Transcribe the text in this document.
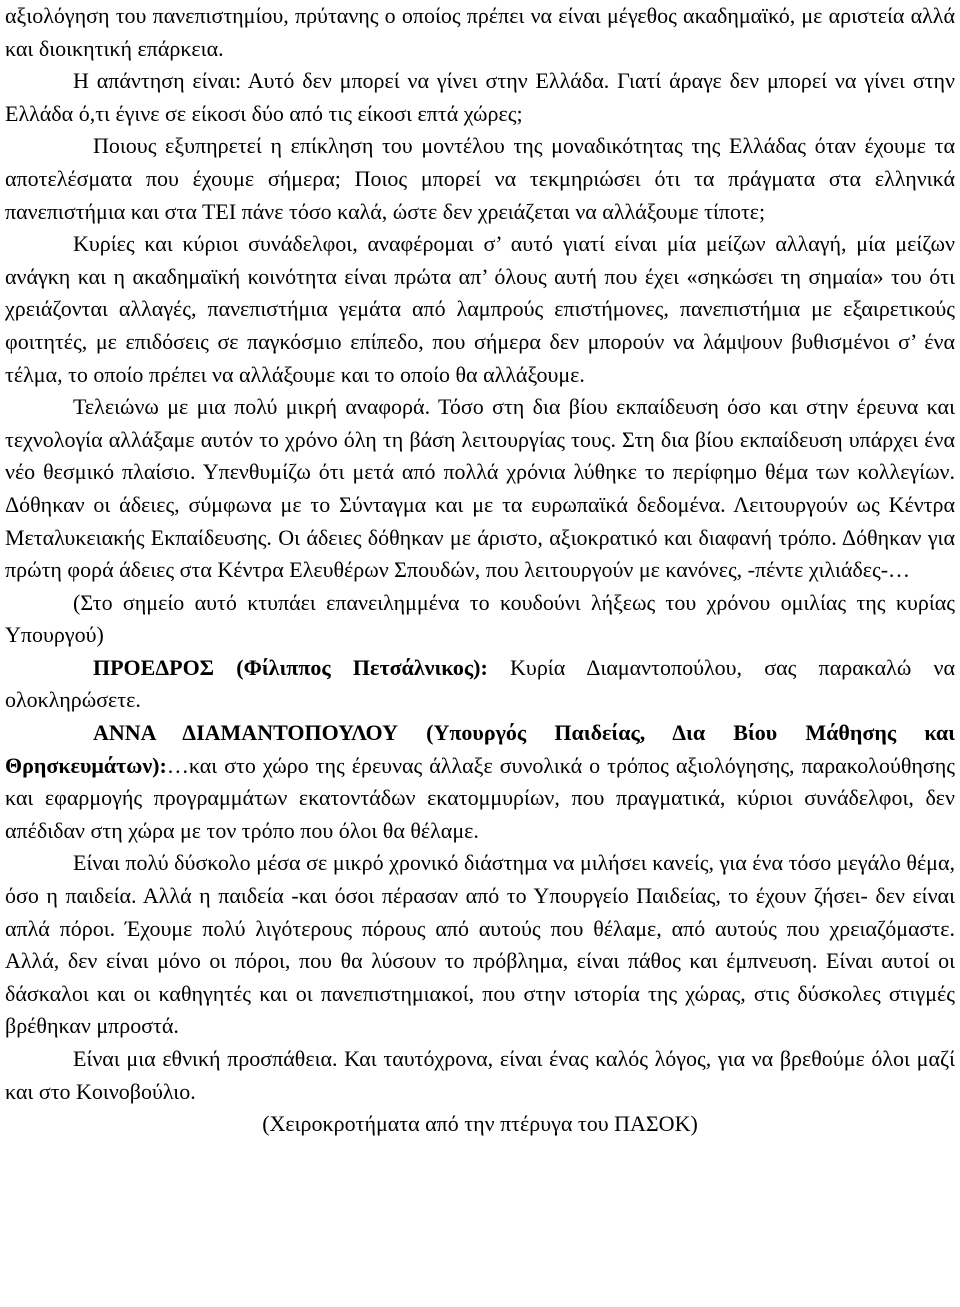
αξιολόγηση του πανεπιστημίου, πρύτανης ο οποίος πρέπει να είναι μέγεθος ακαδημαϊκό, με αριστεία αλλά και διοικητική επάρκεια.

Η απάντηση είναι: Αυτό δεν μπορεί να γίνει στην Ελλάδα. Γιατί άραγε δεν μπορεί να γίνει στην Ελλάδα ό,τι έγινε σε είκοσι δύο από τις είκοσι επτά χώρες;

Ποιους εξυπηρετεί η επίκληση του μοντέλου της μοναδικότητας της Ελλάδας όταν έχουμε τα αποτελέσματα που έχουμε σήμερα; Ποιος μπορεί να τεκμηριώσει ότι τα πράγματα στα ελληνικά πανεπιστήμια και στα ΤΕΙ πάνε τόσο καλά, ώστε δεν χρειάζεται να αλλάξουμε τίποτε;

Κυρίες και κύριοι συνάδελφοι, αναφέρομαι σ’ αυτό γιατί είναι μία μείζων αλλαγή, μία μείζων ανάγκη και η ακαδημαϊκή κοινότητα είναι πρώτα απ’ όλους αυτή που έχει «σηκώσει τη σημαία» του ότι χρειάζονται αλλαγές, πανεπιστήμια γεμάτα από λαμπρούς επιστήμονες, πανεπιστήμια με εξαιρετικούς φοιτητές, με επιδόσεις σε παγκόσμιο επίπεδο, που σήμερα δεν μπορούν να λάμψουν βυθισμένοι σ’ ένα τέλμα, το οποίο πρέπει να αλλάξουμε και το οποίο θα αλλάξουμε.

Τελειώνω με μια πολύ μικρή αναφορά. Τόσο στη δια βίου εκπαίδευση όσο και στην έρευνα και τεχνολογία αλλάξαμε αυτόν το χρόνο όλη τη βάση λειτουργίας τους. Στη δια βίου εκπαίδευση υπάρχει ένα νέο θεσμικό πλαίσιο. Υπενθυμίζω ότι μετά από πολλά χρόνια λύθηκε το περίφημο θέμα των κολλεγίων. Δόθηκαν οι άδειες, σύμφωνα με το Σύνταγμα και με τα ευρωπαϊκά δεδομένα. Λειτουργούν ως Κέντρα Μεταλυκειακής Εκπαίδευσης. Οι άδειες δόθηκαν με άριστο, αξιοκρατικό και διαφανή τρόπο. Δόθηκαν για πρώτη φορά άδειες στα Κέντρα Ελευθέρων Σπουδών, που λειτουργούν με κανόνες, -πέντε χιλιάδες-…

(Στο σημείο αυτό κτυπάει επανειλημμένα το κουδούνι λήξεως του χρόνου ομιλίας της κυρίας Υπουργού)

ΠΡΟΕΔΡΟΣ (Φίλιππος Πετσάλνικος): Κυρία Διαμαντοπούλου, σας παρακαλώ να ολοκληρώσετε.

ΑΝΝΑ ΔΙΑΜΑΝΤΟΠΟΥΛΟΥ (Υπουργός Παιδείας, Δια Βίου Μάθησης και Θρησκευμάτων):…και στο χώρο της έρευνας άλλαξε συνολικά ο τρόπος αξιολόγησης, παρακολούθησης και εφαρμογής προγραμμάτων εκατοντάδων εκατομμυρίων, που πραγματικά, κύριοι συνάδελφοι, δεν απέδιδαν στη χώρα με τον τρόπο που όλοι θα θέλαμε.

Είναι πολύ δύσκολο μέσα σε μικρό χρονικό διάστημα να μιλήσει κανείς, για ένα τόσο μεγάλο θέμα, όσο η παιδεία. Αλλά η παιδεία -και όσοι πέρασαν από το Υπουργείο Παιδείας, το έχουν ζήσει- δεν είναι απλά πόροι. Έχουμε πολύ λιγότερους πόρους από αυτούς που θέλαμε, από αυτούς που χρειαζόμαστε. Αλλά, δεν είναι μόνο οι πόροι, που θα λύσουν το πρόβλημα, είναι πάθος και έμπνευση. Είναι αυτοί οι δάσκαλοι και οι καθηγητές και οι πανεπιστημιακοί, που στην ιστορία της χώρας, στις δύσκολες στιγμές βρέθηκαν μπροστά.

Είναι μια εθνική προσπάθεια. Και ταυτόχρονα, είναι ένας καλός λόγος, για να βρεθούμε όλοι μαζί και στο Κοινοβούλιο.

(Χειροκροτήματα από την πτέρυγα του ΠΑΣΟΚ)
